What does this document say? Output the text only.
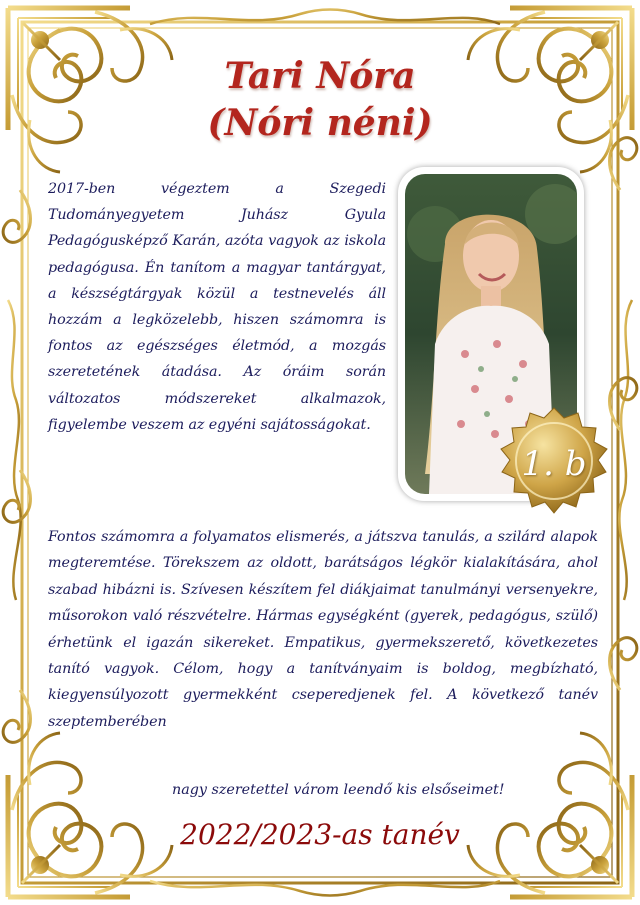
Tari Nóra
(Nóri néni)

2017-ben végeztem a Szegedi Tudományegyetem Juhász Gyula Pedagógusképző Karán, azóta vagyok az iskola pedagógusa. Én tanítom a magyar tantárgyat, a készségtárgyak közül a testnevelés áll hozzám a legközelebb, hiszen számomra is fontos az egészséges életmód, a mozgás szeretetének átadása. Az óráim során változatos módszereket alkalmazok, figyelembe veszem az egyéni sajátosságokat.

1. b

Fontos számomra a folyamatos elismerés, a játszva tanulás, a szilárd alapok megteremtése. Törekszem az oldott, barátságos légkör kialakítására, ahol szabad hibázni is. Szívesen készítem fel diákjaimat tanulmányi versenyekre, műsorokon való részvételre. Hármas egységként (gyerek, pedagógus, szülő) érhetünk el igazán sikereket. Empatikus, gyermekszerető, következetes tanító vagyok. Célom, hogy a tanítványaim is boldog, megbízható, kiegyensúlyozott gyermekként cseperedjenek fel. A következő tanév szeptemberében

nagy szeretettel várom leendő kis elsőseimet!

2022/2023-as tanév
